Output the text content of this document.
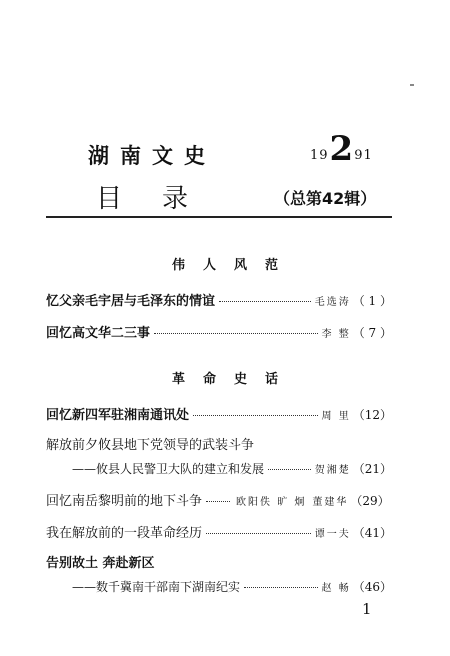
湖南文史	19 2 91
目录	（总第42辑）
伟人风范
忆父亲毛宇居与毛泽东的情谊	毛选涛 （ 1 ）
回忆高文华二三事	李 整 （ 7 ）
革命史话
回忆新四军驻湘南通讯处	周 里 （12）
解放前夕攸县地下党领导的武装斗争
——攸县人民警卫大队的建立和发展	贺湘楚 （21）
回忆南岳黎明前的地下斗争	欧阳佚 旷 炯 董建华 （29）
我在解放前的一段革命经历	谭一夫 （41）
告别故土 奔赴新区
——数千冀南干部南下湖南纪实	赵 畅 （46）
1
